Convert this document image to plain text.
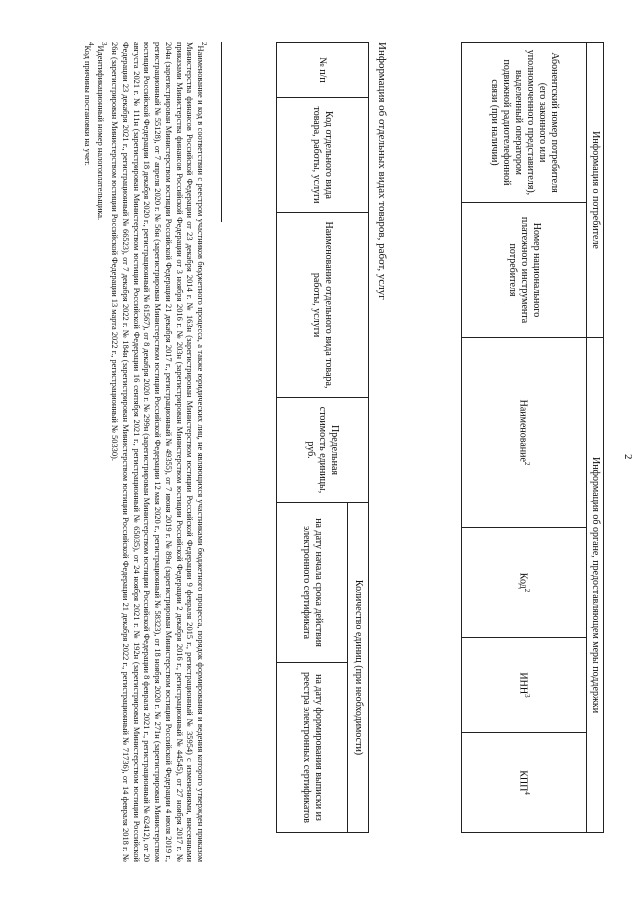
2
Информация о потребителе		Информация об органе, предоставляющем меры поддержки			
Абонентский номер потребителя (его законного или уполномоченного представителя), выделенный оператором подвижной радиотелефонной связи (при наличии)	Номер национального платежного инструмента потребителя	Наименование$^2$	Код$^2$	ИНН$^3$	КПП$^4$
Информация об отдельных видах товаров, работ, услуг
№ п/п	Код отдельного вида товара, работы, услуги	Наименование отдельного вида товара, работы, услуги	Предельная стоимость единицы, руб.	Количество единиц (при необходимости)	
				на дату начала срока действия электронного сертификата	на дату формирования выписки из реестра электронных сертификатов

$^2$Наименование и код в соответствии с реестром участников бюджетного процесса, а также юридических лиц, не являющихся участниками бюджетного процесса, порядок формирования и ведения которого утвержден приказом Министерства финансов Российской Федерации от 23 декабря 2014 г. № 163н (зарегистрирован Министерством юстиции Российской Федерации 9 февраля 2015 г., регистрационный № 35954) с изменениями, внесенными приказами Министерства финансов Российской Федерации от 3 ноября 2016 г. № 203н (зарегистрирован Министерством юстиции Российской Федерации 2 декабря 2016 г., регистрационный № 44545), от 27 ноября 2017 г. № 204н (зарегистрирован Министерством юстиции Российской Федерации 21 декабря 2017 г., регистрационный № 49355), от 7 июня 2019 г. № 89н (зарегистрирован Министерством юстиции Российской Федерации 4 июля 2019 г., регистрационный № 55128), от 7 апреля 2020 г. № 56н (зарегистрирован Министерством юстиции Российской Федерации 12 мая 2020 г., регистрационный № 58323), от 18 ноября 2020 г. № 271н (зарегистрирован Министерством юстиции Российской Федерации 18 декабря 2020 г., регистрационный № 61567), от 8 декабря 2020 г. № 299н (зарегистрирован Министерством юстиции Российской Федерации 8 февраля 2021 г., регистрационный № 62412), от 20 августа 2021 г. № 111н (зарегистрирован Министерством юстиции Российской Федерации 16 сентября 2021 г., регистрационный № 65035), от 24 ноября 2021 г. № 192н (зарегистрирован Министерством юстиции Российской Федерации 23 декабря 2021 г., регистрационный № 66523), от 7 декабря 2022 г. № 184н (зарегистрирован Министерством юстиции Российской Федерации 21 декабря 2022 г., регистрационный № 71736), от 14 февраля 2018 г. № 26н (зарегистрирован Министерством юстиции Российской Федерации 13 марта 2022 г., регистрационный № 50330).

$^3$Идентификационный номер налогоплательщика.

$^4$Код причины постановки на учет.
